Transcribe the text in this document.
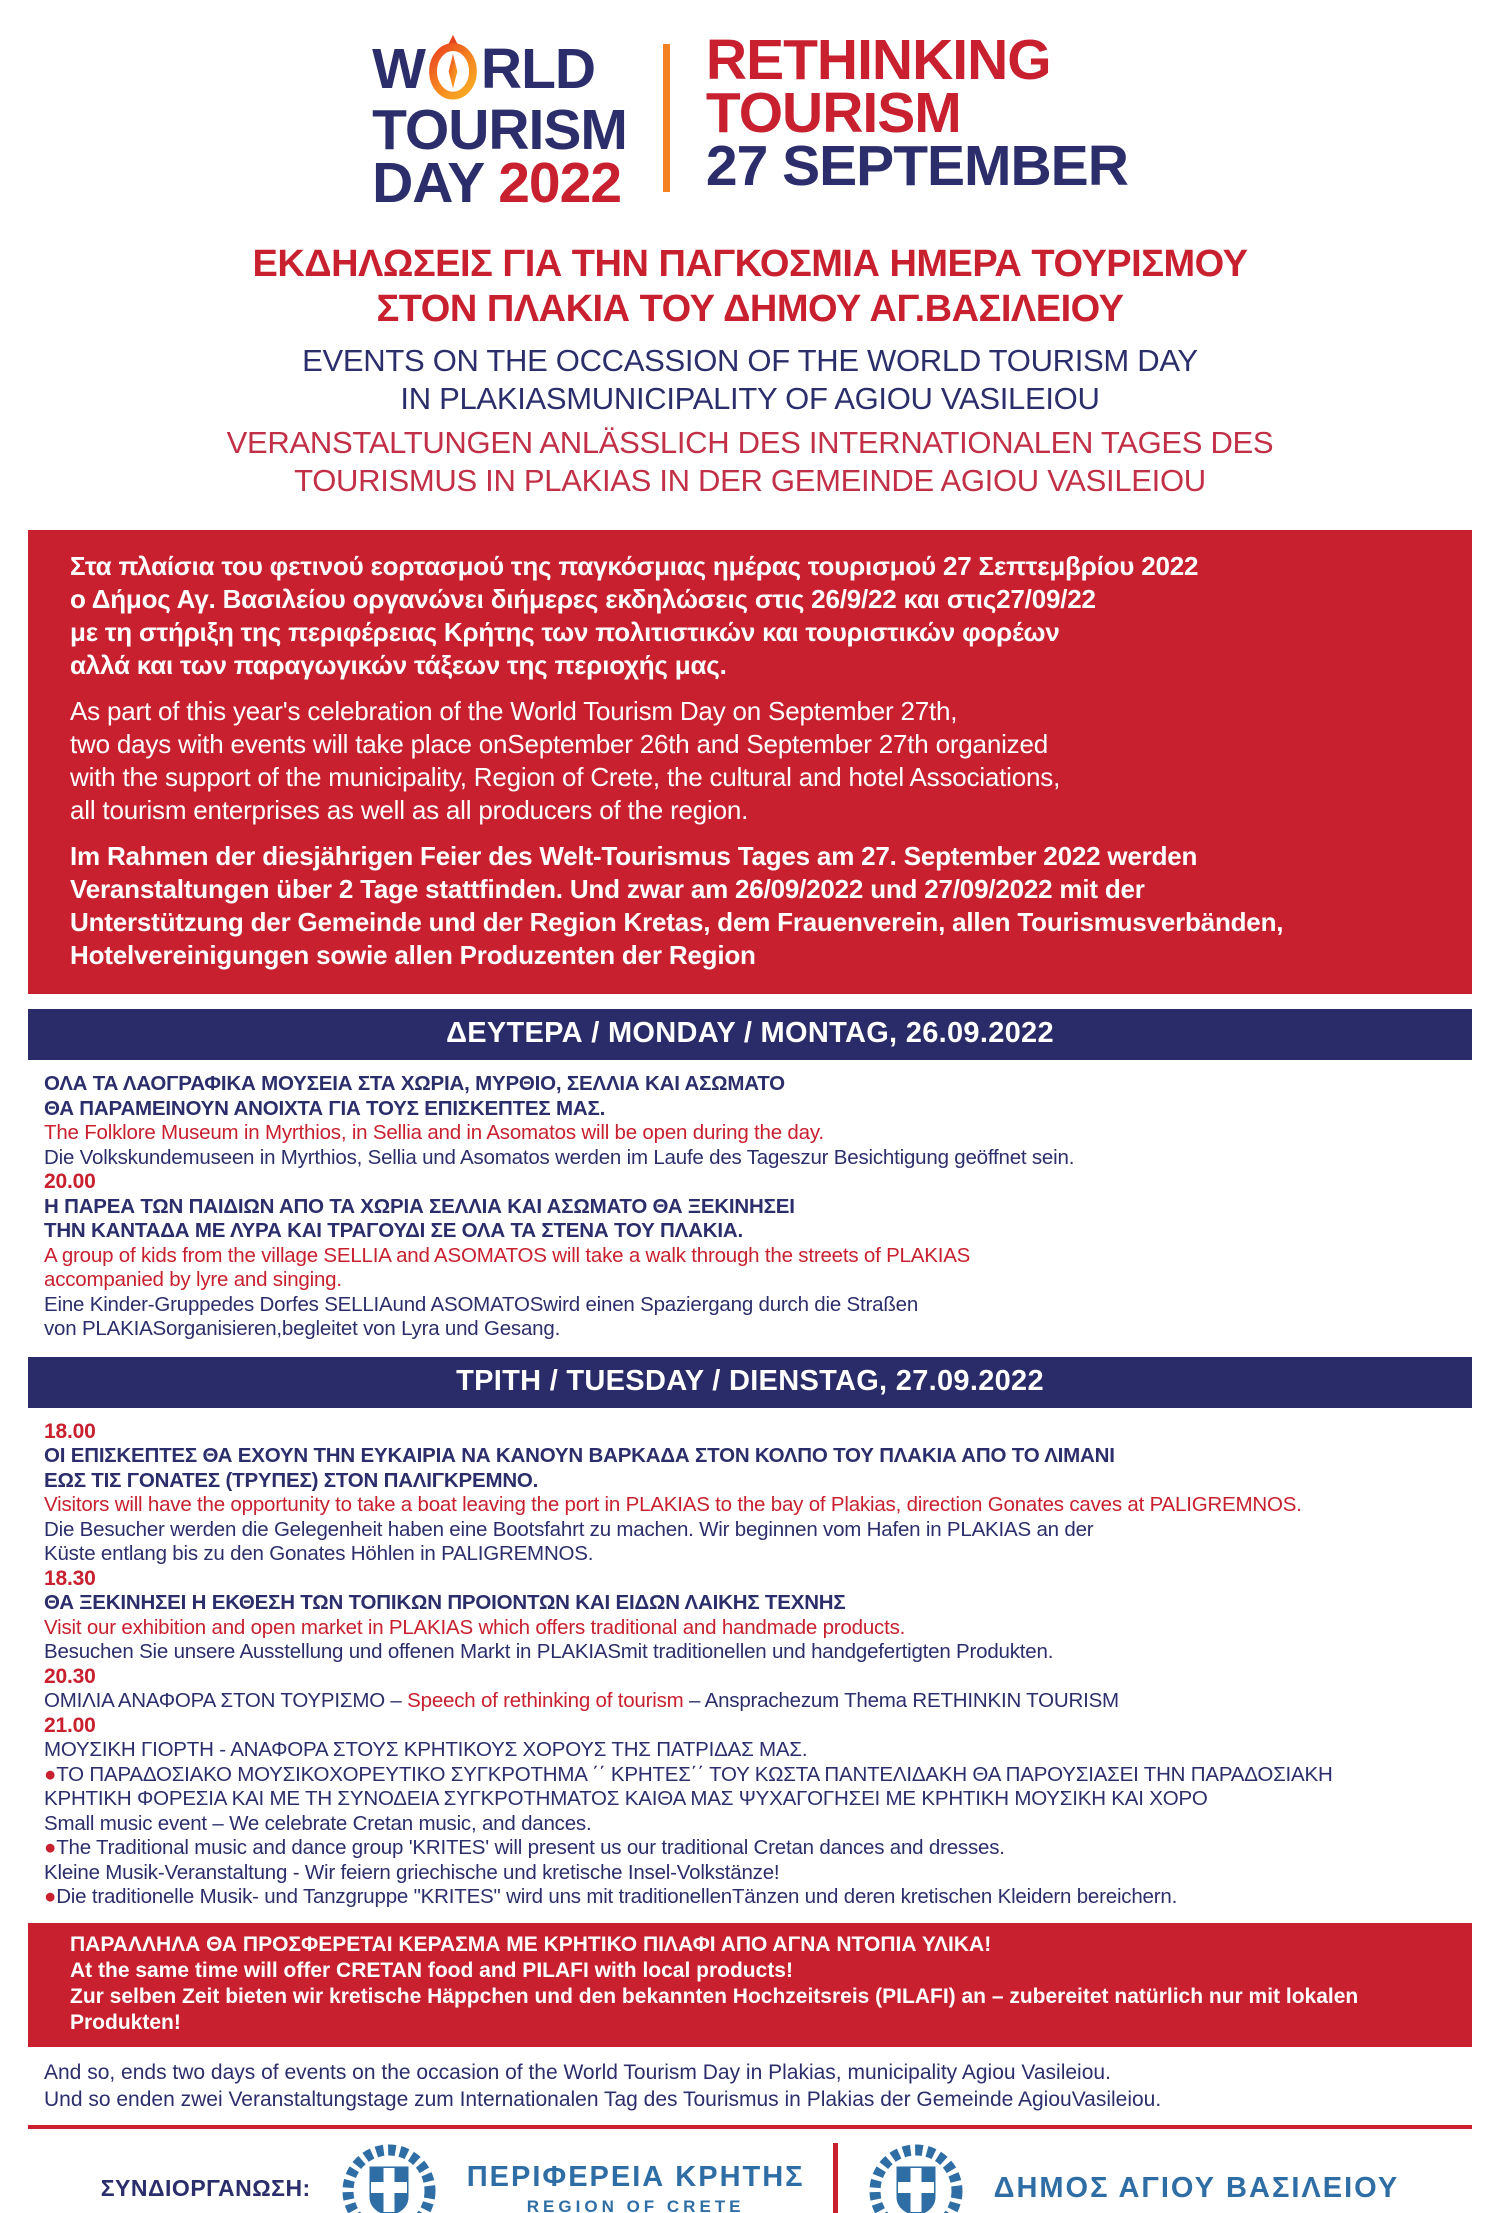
W RLD
TOURISM
DAY 2022
RETHINKING
TOURISM
27 SEPTEMBER
ΕΚΔΗΛΩΣΕΙΣ ΓΙΑ ΤΗΝ ΠΑΓΚΟΣΜΙΑ ΗΜΕΡΑ ΤΟΥΡΙΣΜΟΥ
ΣΤΟΝ ΠΛΑΚΙΑ ΤΟΥ ΔΗΜΟΥ ΑΓ.ΒΑΣΙΛΕΙΟΥ
EVENTS ON THE OCCASSION OF THE WORLD TOURISM DAY
IN PLAKIASMUNICIPALITY OF AGIOU VASILEIOU
VERANSTALTUNGEN ANLÄSSLICH DES INTERNATIONALEN TAGES DES
TOURISMUS IN PLAKIAS IN DER GEMEINDE AGIOU VASILEIOU
Στα πλαίσια του φετινού εορτασμού της παγκόσμιας ημέρας τουρισμού 27 Σεπτεμβρίου 2022
ο Δήμος Αγ. Βασιλείου οργανώνει διήμερες εκδηλώσεις στις 26/9/22 και στις27/09/22
με τη στήριξη της περιφέρειας Κρήτης των πολιτιστικών και τουριστικών φορέων
αλλά και των παραγωγικών τάξεων της περιοχής μας.
As part of this year's celebration of the World Tourism Day on September 27th,
two days with events will take place onSeptember 26th and September 27th organized
with the support of the municipality, Region of Crete, the cultural and hotel Associations,
all tourism enterprises as well as all producers of the region.
Im Rahmen der diesjährigen Feier des Welt-Tourismus Tages am 27. September 2022 werden
Veranstaltungen über 2 Tage stattfinden. Und zwar am 26/09/2022 und 27/09/2022 mit der
Unterstützung der Gemeinde und der Region Kretas, dem Frauenverein, allen Tourismusverbänden,
Hotelvereinigungen sowie allen Produzenten der Region
ΔΕΥΤΕΡΑ / MONDAY / MONTAG, 26.09.2022
ΟΛΑ ΤΑ ΛΑΟΓΡΑΦΙΚΑ ΜΟΥΣΕΙΑ ΣΤΑ ΧΩΡΙΑ, ΜΥΡΘΙΟ, ΣΕΛΛΙΑ ΚΑΙ ΑΣΩΜΑΤΟ
ΘΑ ΠΑΡΑΜΕΙΝΟΥΝ ΑΝΟΙΧΤΑ ΓΙΑ ΤΟΥΣ ΕΠΙΣΚΕΠΤΕΣ ΜΑΣ.
The Folklore Museum in Myrthios, in Sellia and in Asomatos will be open during the day.
Die Volkskundemuseen in Myrthios, Sellia und Asomatos werden im Laufe des Tageszur Besichtigung geöffnet sein.
20.00
Η ΠΑΡΕΑ ΤΩΝ ΠΑΙΔΙΩΝ ΑΠΟ ΤΑ ΧΩΡΙΑ ΣΕΛΛΙΑ ΚΑΙ ΑΣΩΜΑΤΟ ΘΑ ΞΕΚΙΝΗΣΕΙ
ΤΗΝ ΚΑΝΤΑΔΑ ΜΕ ΛΥΡΑ ΚΑΙ ΤΡΑΓΟΥΔΙ ΣΕ ΟΛΑ ΤΑ ΣΤΕΝΑ ΤΟΥ ΠΛΑΚΙΑ.
A group of kids from the village SELLIA and ASOMATOS will take a walk through the streets of PLAKIAS
accompanied by lyre and singing.
Eine Kinder-Gruppedes Dorfes SELLIAund ASOMATOSwird einen Spaziergang durch die Straßen
von PLAKIASorganisieren,begleitet von Lyra und Gesang.
ΤΡΙΤΗ / TUESDAY / DIENSTAG, 27.09.2022
18.00
ΟΙ ΕΠΙΣΚΕΠΤΕΣ ΘΑ ΕΧΟΥΝ ΤΗΝ ΕΥΚΑΙΡΙΑ ΝΑ ΚΑΝΟΥΝ ΒΑΡΚΑΔΑ ΣΤΟΝ ΚΟΛΠΟ ΤΟΥ ΠΛΑΚΙΑ ΑΠΟ ΤΟ ΛΙΜΑΝΙ
ΕΩΣ ΤΙΣ ΓΟΝΑΤΕΣ (ΤΡΥΠΕΣ) ΣΤΟΝ ΠΑΛΙΓΚΡΕΜΝΟ.
Visitors will have the opportunity to take a boat leaving the port in PLAKIAS to the bay of Plakias, direction Gonates caves at PALIGREMNOS.
Die Besucher werden die Gelegenheit haben eine Bootsfahrt zu machen. Wir beginnen vom Hafen in PLAKIAS an der
Küste entlang bis zu den Gonates Höhlen in PALIGREMNOS.
18.30
ΘΑ ΞΕΚΙΝΗΣΕΙ Η ΕΚΘΕΣΗ ΤΩΝ ΤΟΠΙΚΩΝ ΠΡΟΙΟΝΤΩΝ ΚΑΙ ΕΙΔΩΝ ΛΑΙΚΗΣ ΤΕΧΝΗΣ
Visit our exhibition and open market in PLAKIAS which offers traditional and handmade products.
Besuchen Sie unsere Ausstellung und offenen Markt in PLAKIASmit traditionellen und handgefertigten Produkten.
20.30
ΟΜΙΛΙΑ ΑΝΑΦΟΡΑ ΣΤΟΝ ΤΟΥΡΙΣΜΟ – Speech of rethinking of tourism – Ansprachezum Thema RETHINKIN TOURISM
21.00
ΜΟΥΣΙΚΗ ΓΙΟΡΤΗ - ΑΝΑΦΟΡΑ ΣΤΟΥΣ ΚΡΗΤΙΚΟΥΣ ΧΟΡΟΥΣ ΤΗΣ ΠΑΤΡΙΔΑΣ ΜΑΣ.
●ΤΟ ΠΑΡΑΔΟΣΙΑΚΟ ΜΟΥΣΙΚΟΧΟΡΕΥΤΙΚΟ ΣΥΓΚΡΟΤΗΜΑ ΄΄ ΚΡΗΤΕΣ΄΄ ΤΟΥ ΚΩΣΤΑ ΠΑΝΤΕΛΙΔΑΚΗ ΘΑ ΠΑΡΟΥΣΙΑΣΕΙ ΤΗΝ ΠΑΡΑΔΟΣΙΑΚΗ
ΚΡΗΤΙΚΗ ΦΟΡΕΣΙΑ ΚΑΙ ΜΕ ΤΗ ΣΥΝΟΔΕΙΑ ΣΥΓΚΡΟΤΗΜΑΤΟΣ ΚΑΙΘΑ ΜΑΣ ΨΥΧΑΓΟΓΗΣΕΙ ΜΕ ΚΡΗΤΙΚΗ ΜΟΥΣΙΚΗ ΚΑΙ ΧΟΡΟ
Small music event – We celebrate Cretan music, and dances.
●The Traditional music and dance group 'KRITES' will present us our traditional Cretan dances and dresses.
Kleine Musik-Veranstaltung - Wir feiern griechische und kretische Insel-Volkstänze!
●Die traditionelle Musik- und Tanzgruppe "KRITES" wird uns mit traditionellenTänzen und deren kretischen Kleidern bereichern.
ΠΑΡΑΛΛΗΛΑ ΘΑ ΠΡΟΣΦΕΡΕΤΑΙ ΚΕΡΑΣΜΑ ΜΕ ΚΡΗΤΙΚΟ ΠΙΛΑΦΙ ΑΠΟ ΑΓΝΑ ΝΤΟΠΙΑ ΥΛΙΚΑ!
At the same time will offer CRETAN food and PILAFI with local products!
Zur selben Zeit bieten wir kretische Häppchen und den bekannten Hochzeitsreis (PILAFI) an – zubereitet natürlich nur mit lokalen Produkten!
And so, ends two days of events on the occasion of the World Tourism Day in Plakias, municipality Agiou Vasileiou.
Und so enden zwei Veranstaltungstage zum Internationalen Tag des Tourismus in Plakias der Gemeinde AgiouVasileiou.
ΣΥΝΔΙΟΡΓΑΝΩΣΗ:	ΠΕΡΙΦΕΡΕΙΑ ΚΡΗΤΗΣ
REGION OF CRETE
ΔΗΜΟΣ ΑΓΙΟΥ ΒΑΣΙΛΕΙΟΥ
